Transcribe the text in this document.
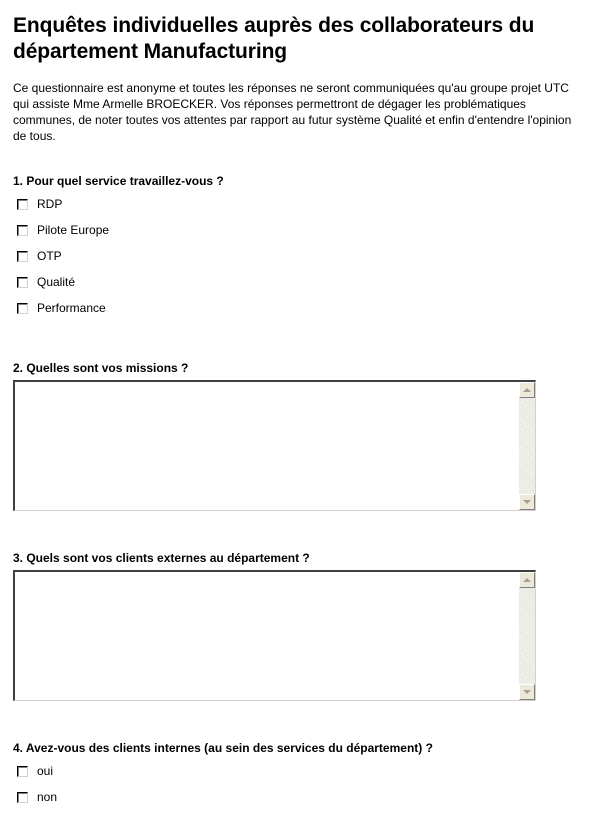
Enquêtes individuelles auprès des collaborateurs du département Manufacturing
Ce questionnaire est anonyme et toutes les réponses ne seront communiquées qu'au groupe projet UTC qui assiste Mme Armelle BROECKER. Vos réponses permettront de dégager les problématiques communes, de noter toutes vos attentes par rapport au futur système Qualité et enfin d'entendre l'opinion de tous.
1. Pour quel service travaillez-vous ?
RDP
Pilote Europe
OTP
Qualité
Performance
2. Quelles sont vos missions ?
3. Quels sont vos clients externes au département ?
4. Avez-vous des clients internes (au sein des services du département) ?
oui
non
